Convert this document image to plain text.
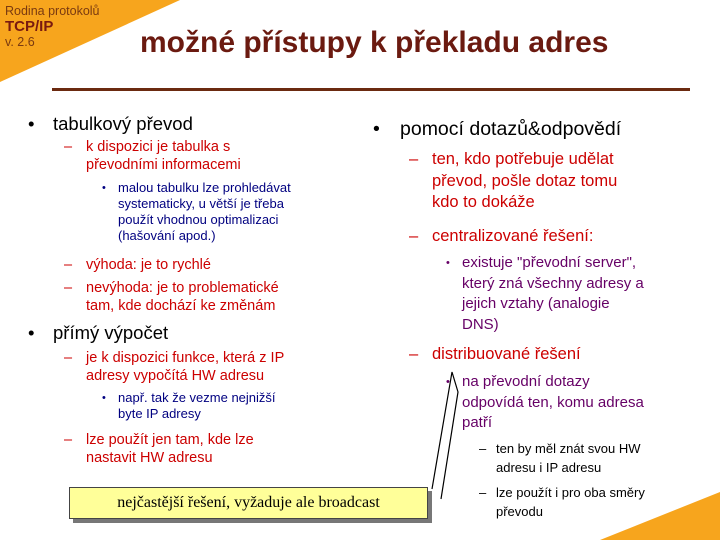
Rodina protokolů
TCP/IP
v. 2.6	možné přístupy k překladu adres
• tabulkový převod
– k dispozici je tabulka s
převodními informacemi
• malou tabulku lze prohledávat
systematicky, u větší je třeba
použít vhodnou optimalizaci
(hašování apod.)
– výhoda: je to rychlé
– nevýhoda: je to problematické
tam, kde dochází ke změnám
• přímý výpočet
– je k dispozici funkce, která z IP
adresy vypočítá HW adresu
• např. tak že vezme nejnižší
byte IP adresy
– lze použít jen tam, kde lze
nastavit HW adresu
• pomocí dotazů&odpovědí
– ten, kdo potřebuje udělat
převod, pošle dotaz tomu
kdo to dokáže
– centralizované řešení:
• existuje "převodní server",
který zná všechny adresy a
jejich vztahy (analogie
DNS)
– distribuované řešení
• na převodní dotazy
odpovídá ten, komu adresa
patří
– ten by měl znát svou HW
adresu i IP adresu
– lze použít i pro oba směry
převodu
nejčastější řešení, vyžaduje ale broadcast
